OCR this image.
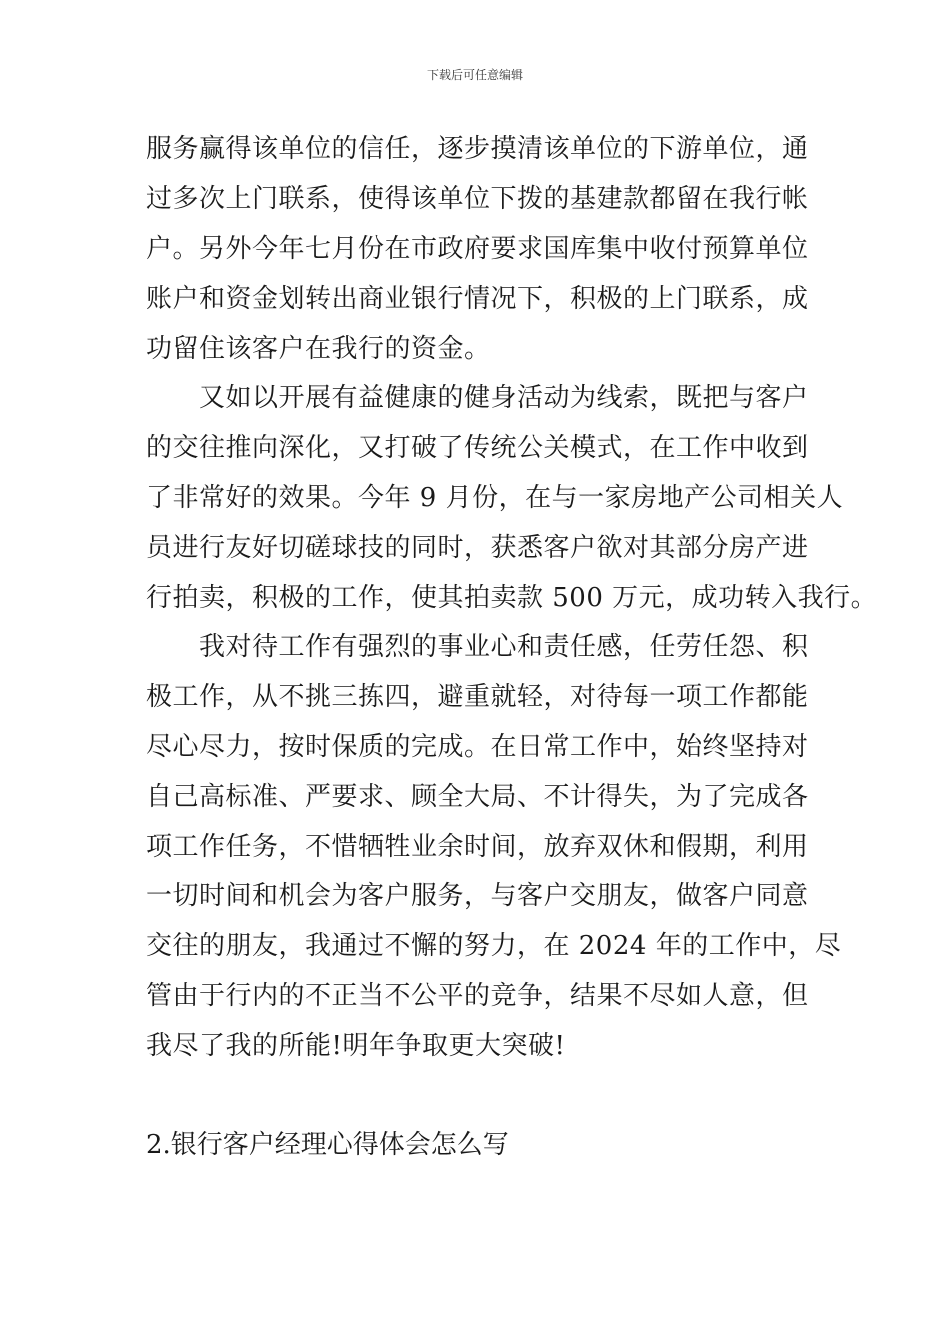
下载后可任意编辑
服务赢得该单位的信任，逐步摸清该单位的下游单位，通
过多次上门联系，使得该单位下拨的基建款都留在我行帐
户。另外今年七月份在市政府要求国库集中收付预算单位
账户和资金划转出商业银行情况下，积极的上门联系，成
功留住该客户在我行的资金。
　　又如以开展有益健康的健身活动为线索，既把与客户
的交往推向深化，又打破了传统公关模式，在工作中收到
了非常好的效果。今年 9 月份，在与一家房地产公司相关人
员进行友好切磋球技的同时，获悉客户欲对其部分房产进
行拍卖，积极的工作，使其拍卖款 500 万元，成功转入我行。
　　我对待工作有强烈的事业心和责任感，任劳任怨、积
极工作，从不挑三拣四，避重就轻，对待每一项工作都能
尽心尽力，按时保质的完成。在日常工作中，始终坚持对
自己高标准、严要求、顾全大局、不计得失，为了完成各
项工作任务，不惜牺牲业余时间，放弃双休和假期，利用
一切时间和机会为客户服务，与客户交朋友，做客户同意
交往的朋友，我通过不懈的努力，在 2024 年的工作中，尽
管由于行内的不正当不公平的竞争，结果不尽如人意，但
我尽了我的所能!明年争取更大突破!
2.银行客户经理心得体会怎么写
